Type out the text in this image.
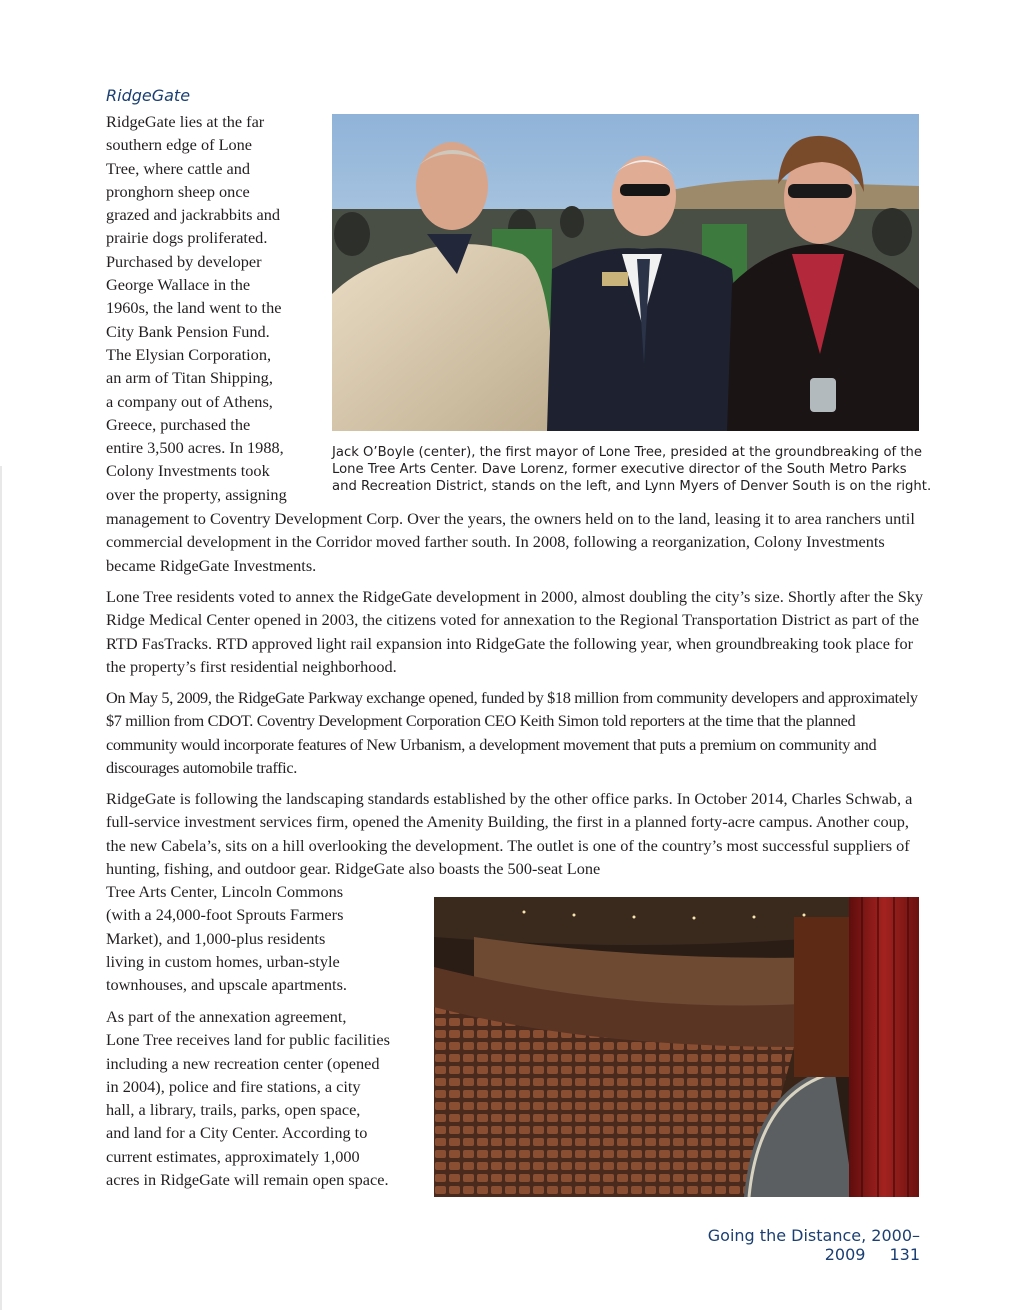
RidgeGate
RidgeGate lies at the far
southern edge of Lone
Tree, where cattle and
pronghorn sheep once
grazed and jackrabbits and
prairie dogs proliferated.
Purchased by developer
George Wallace in the
1960s, the land went to the
City Bank Pension Fund.
The Elysian Corporation,
an arm of Titan Shipping,
a company out of Athens,
Greece, purchased the
entire 3,500 acres. In 1988,
Colony Investments took
over the property, assigning
Jack O’Boyle (center), the first mayor of Lone Tree, presided at the groundbreaking of the
Lone Tree Arts Center. Dave Lorenz, former executive director of the South Metro Parks
and Recreation District, stands on the left, and Lynn Myers of Denver South is on the right.

management to Coventry Development Corp. Over the years, the owners held on to the land, leasing it to area ranchers until commercial development in the Corridor moved farther south. In 2008, following a reorganization, Colony Investments became RidgeGate Investments.

Lone Tree residents voted to annex the RidgeGate development in 2000, almost doubling the city’s size. Shortly after the Sky Ridge Medical Center opened in 2003, the citizens voted for annexation to the Regional Transportation District as part of the RTD FasTracks. RTD approved light rail expansion into RidgeGate the following year, when groundbreaking took place for the property’s first residential neighborhood.

On May 5, 2009, the RidgeGate Parkway exchange opened, funded by $18 million from community developers and approximately $7 million from CDOT. Coventry Development Corporation CEO Keith Simon told reporters at the time that the planned community would incorporate features of New Urbanism, a development movement that puts a premium on community and discourages automobile traffic.

RidgeGate is following the landscaping standards established by the other office parks. In October 2014, Charles Schwab, a full-service investment services firm, opened the Amenity Building, the first in a planned forty-acre campus. Another coup, the new Cabela’s, sits on a hill overlooking the development. The outlet is one of the country’s most successful suppliers of hunting, fishing, and outdoor gear. RidgeGate also boasts the 500-seat Lone

Tree Arts Center, Lincoln Commons
(with a 24,000-foot Sprouts Farmers
Market), and 1,000-plus residents
living in custom homes, urban-style
townhouses, and upscale apartments.
As part of the annexation agreement,
Lone Tree receives land for public facilities
including a new recreation center (opened
in 2004), police and fire stations, a city
hall, a library, trails, parks, open space,
and land for a City Center. According to
current estimates, approximately 1,000
acres in RidgeGate will remain open space.
Going the Distance, 2000–2009 131
